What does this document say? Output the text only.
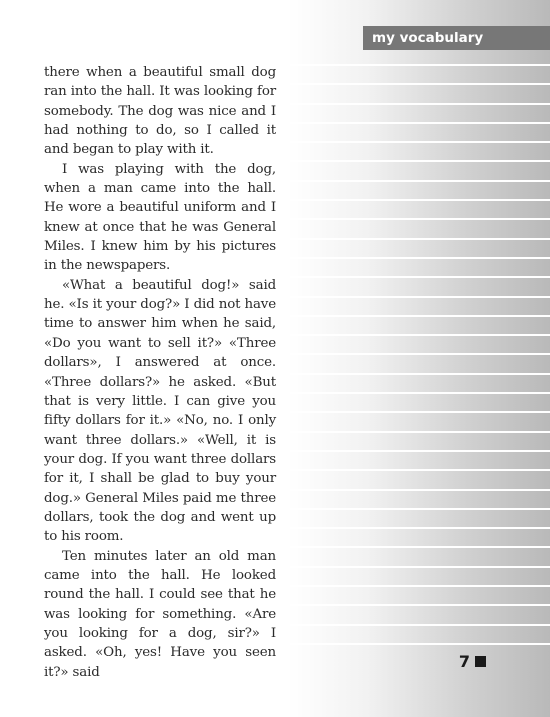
there when a beautiful small dog ran into the hall. It was looking for somebody. The dog was nice and I had nothing to do, so I called it and began to play with it.

I was playing with the dog, when a man came into the hall. He wore a beautiful uniform and I knew at once that he was General Miles. I knew him by his pictures in the newspapers.

«What a beautiful dog!» said he. «Is it your dog?» I did not have time to answer him when he said, «Do you want to sell it?» «Three dollars», I answered at once. «Three dollars?» he asked. «But that is very little. I can give you fifty dollars for it.» «No, no. I only want three dollars.» «Well, it is your dog. If you want three dollars for it, I shall be glad to buy your dog.» General Miles paid me three dollars, took the dog and went up to his room.

Ten minutes later an old man came into the hall. He looked round the hall. I could see that he was looking for something. «Are you looking for a dog, sir?» I asked. «Oh, yes! Have you seen it?» said

my vocabulary
7
